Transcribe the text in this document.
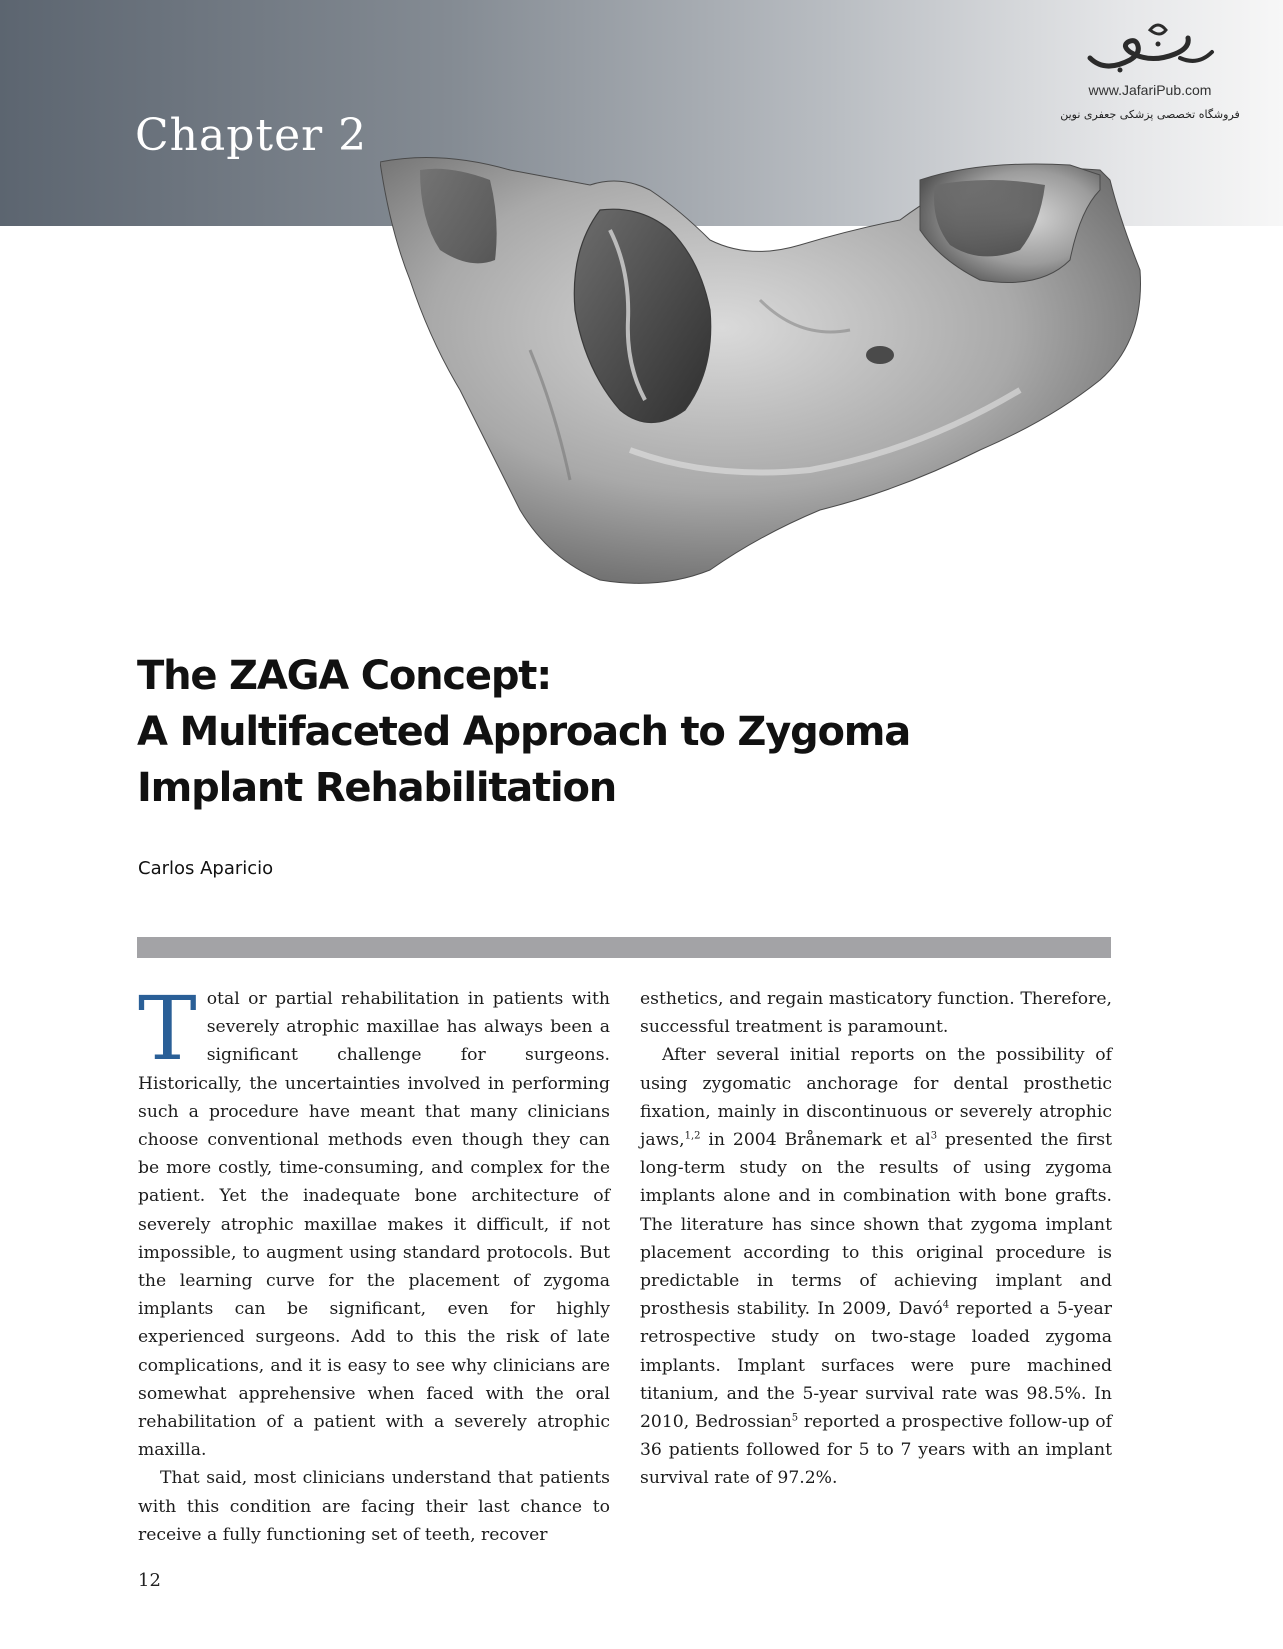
Chapter 2
www.JafariPub.com
فروشگاه تخصصی پزشکی جعفری نوین
The ZAGA Concept:
A Multifaceted Approach to Zygoma
Implant Rehabilitation
Carlos Aparicio

Total or partial rehabilitation in patients with severely atrophic maxillae has always been a significant challenge for surgeons. Historically, the uncertainties involved in performing such a procedure have meant that many clinicians choose conventional methods even though they can be more costly, time-consuming, and complex for the patient. Yet the inadequate bone architecture of severely atrophic maxillae makes it difficult, if not impossible, to augment using standard protocols. But the learning curve for the placement of zygoma implants can be significant, even for highly experienced surgeons. Add to this the risk of late complications, and it is easy to see why clinicians are somewhat apprehensive when faced with the oral rehabilitation of a patient with a severely atrophic maxilla.

That said, most clinicians understand that patients with this condition are facing their last chance to receive a fully functioning set of teeth, recover

esthetics, and regain masticatory function. Therefore, successful treatment is paramount.

After several initial reports on the possibility of using zygomatic anchorage for dental prosthetic fixation, mainly in discontinuous or severely atrophic jaws,$^{1,2}$ in 2004 Brånemark et $al^3$ presented the first long-term study on the results of using zygoma implants alone and in combination with bone grafts. The literature has since shown that zygoma implant placement according to this original procedure is predictable in terms of achieving implant and prosthesis stability. In 2009, Davó$^4$ reported a 5-year retrospective study on two-stage loaded zygoma implants. Implant surfaces were pure machined titanium, and the 5-year survival rate was 98.5%. In 2010, Bedrossian$^5$ reported a prospective follow-up of 36 patients followed for 5 to 7 years with an implant survival rate of 97.2%.

12
